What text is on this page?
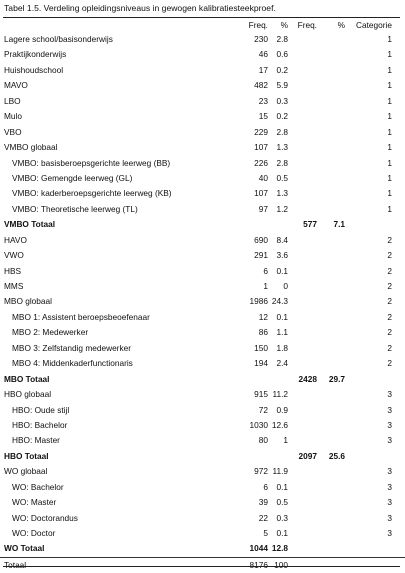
Tabel 1.5. Verdeling opleidingsniveaus in gewogen kalibratiesteekproef.
Freq. % Freq. % Categorie
Lagere school/basisonderwijs	230 2.8	1
Praktijkonderwijs	46 0.6	1
Huishoudschool	17 0.2	1
MAVO	482 5.9	1
LBO	23 0.3	1
Mulo	15 0.2	1
VBO	229 2.8	1
VMBO globaal	107 1.3	1
VMBO: basisberoepsgerichte leerweg (BB)	226 2.8	1
VMBO: Gemengde leerweg (GL)	40 0.5	1
VMBO: kaderberoepsgerichte leerweg (KB)	107 1.3	1
VMBO: Theoretische leerweg (TL)	97 1.2	1
VMBO Totaal	577 7.1
HAVO	690 8.4	2
VWO	291 3.6	2
HBS	6 0.1	2
MMS	1 0	2
MBO globaal	1986 24.3	2
MBO 1: Assistent beroepsbeoefenaar	12 0.1	2
MBO 2: Medewerker	86 1.1	2
MBO 3: Zelfstandig medewerker	150 1.8	2
MBO 4: Middenkaderfunctionaris	194 2.4	2
MBO Totaal	2428 29.7
HBO globaal	915 11.2	3
HBO: Oude stijl	72 0.9	3
HBO: Bachelor	1030 12.6	3
HBO: Master	80 1	3
HBO Totaal	2097 25.6
WO globaal	972 11.9	3
WO: Bachelor	6 0.1	3
WO: Master	39 0.5	3
WO: Doctorandus	22 0.3	3
WO: Doctor	5 0.1	3
WO Totaal	1044 12.8
Totaal	8176 100
